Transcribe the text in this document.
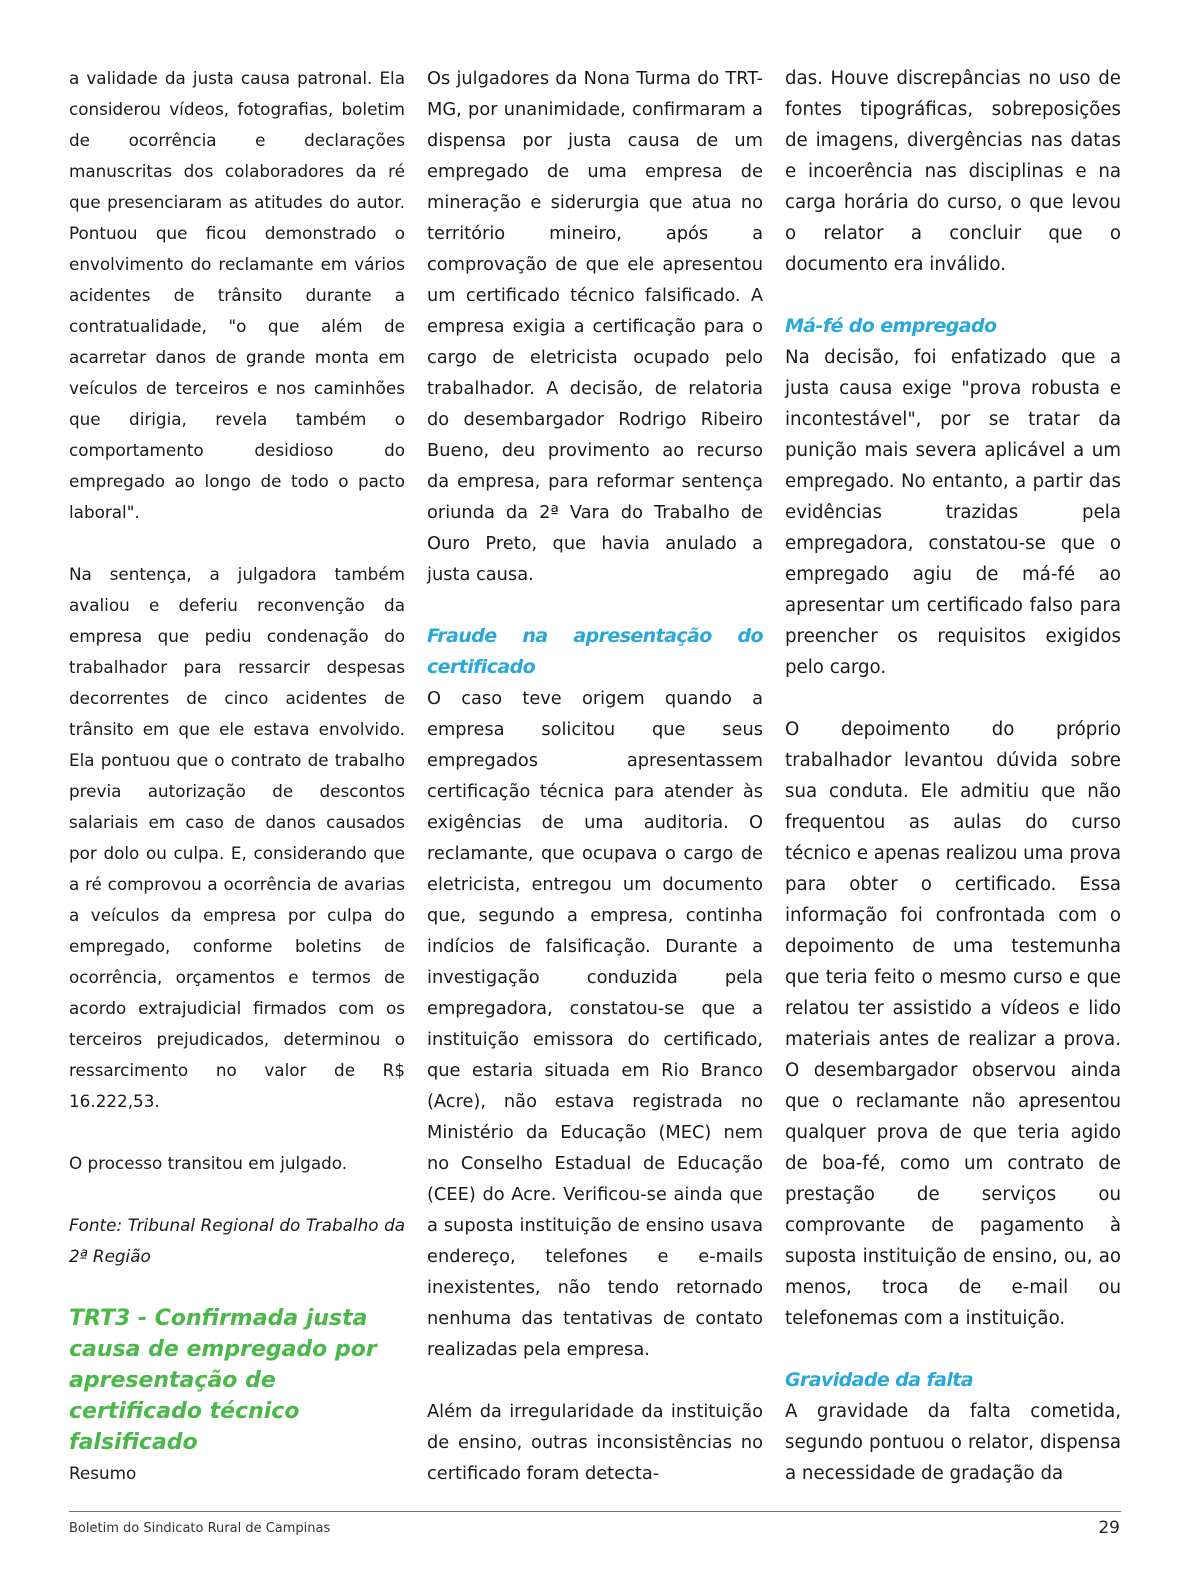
a validade da justa causa patronal. Ela considerou vídeos, fotografias, boletim de ocorrência e declarações manuscritas dos colaboradores da ré que presenciaram as atitudes do autor. Pontuou que ficou demonstrado o envolvimento do reclamante em vários acidentes de trânsito durante a contratualidade, "o que além de acarretar danos de grande monta em veículos de terceiros e nos caminhões que dirigia, revela também o comportamento desidioso do empregado ao longo de todo o pacto laboral".

Na sentença, a julgadora também avaliou e deferiu reconvenção da empresa que pediu condenação do trabalhador para ressarcir despesas decorrentes de cinco acidentes de trânsito em que ele estava envolvido. Ela pontuou que o contrato de trabalho previa autorização de descontos salariais em caso de danos causados por dolo ou culpa. E, considerando que a ré comprovou a ocorrência de avarias a veículos da empresa por culpa do empregado, conforme boletins de ocorrência, orçamentos e termos de acordo extrajudicial firmados com os terceiros prejudicados, determinou o ressarcimento no valor de R$ 16.222,53.

O processo transitou em julgado.

Fonte: Tribunal Regional do Trabalho da 2ª Região

TRT3 - Confirmada justa causa de empregado por apresentação de certificado técnico falsificado

Resumo

Os julgadores da Nona Turma do TRT-MG, por unanimidade, confirmaram a dispensa por justa causa de um empregado de uma empresa de mineração e siderurgia que atua no território mineiro, após a comprovação de que ele apresentou um certificado técnico falsificado. A empresa exigia a certificação para o cargo de eletricista ocupado pelo trabalhador. A decisão, de relatoria do desembargador Rodrigo Ribeiro Bueno, deu provimento ao recurso da empresa, para reformar sentença oriunda da 2ª Vara do Trabalho de Ouro Preto, que havia anulado a justa causa.

Fraude na apresentação do certificado

O caso teve origem quando a empresa solicitou que seus empregados apresentassem certificação técnica para atender às exigências de uma auditoria. O reclamante, que ocupava o cargo de eletricista, entregou um documento que, segundo a empresa, continha indícios de falsificação. Durante a investigação conduzida pela empregadora, constatou-se que a instituição emissora do certificado, que estaria situada em Rio Branco (Acre), não estava registrada no Ministério da Educação (MEC) nem no Conselho Estadual de Educação (CEE) do Acre. Verificou-se ainda que a suposta instituição de ensino usava endereço, telefones e e-mails inexistentes, não tendo retornado nenhuma das tentativas de contato realizadas pela empresa.

Além da irregularidade da instituição de ensino, outras inconsistências no certificado foram detecta-

das. Houve discrepâncias no uso de fontes tipográficas, sobreposições de imagens, divergências nas datas e incoerência nas disciplinas e na carga horária do curso, o que levou o relator a concluir que o documento era inválido.

Má-fé do empregado

Na decisão, foi enfatizado que a justa causa exige "prova robusta e incontestável", por se tratar da punição mais severa aplicável a um empregado. No entanto, a partir das evidências trazidas pela empregadora, constatou-se que o empregado agiu de má-fé ao apresentar um certificado falso para preencher os requisitos exigidos pelo cargo.

O depoimento do próprio trabalhador levantou dúvida sobre sua conduta. Ele admitiu que não frequentou as aulas do curso técnico e apenas realizou uma prova para obter o certificado. Essa informação foi confrontada com o depoimento de uma testemunha que teria feito o mesmo curso e que relatou ter assistido a vídeos e lido materiais antes de realizar a prova. O desembargador observou ainda que o reclamante não apresentou qualquer prova de que teria agido de boa-fé, como um contrato de prestação de serviços ou comprovante de pagamento à suposta instituição de ensino, ou, ao menos, troca de e-mail ou telefonemas com a instituição.

Gravidade da falta

A gravidade da falta cometida, segundo pontuou o relator, dispensa a necessidade de gradação da

Boletim do Sindicato Rural de Campinas	29
